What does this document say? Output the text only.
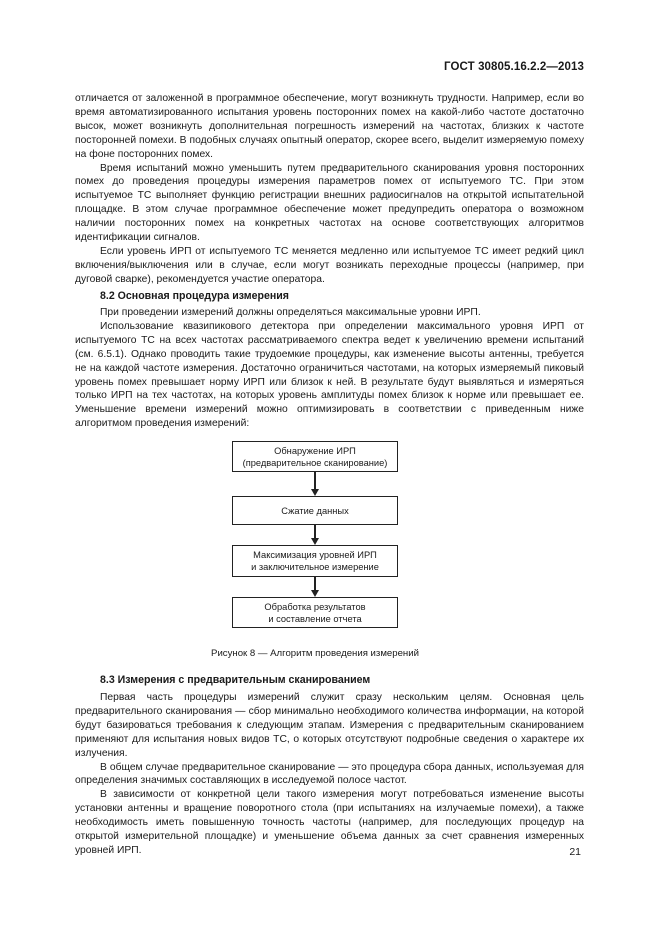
ГОСТ 30805.16.2.2—2013

отличается от заложенной в программное обеспечение, могут возникнуть трудности. Например, если во время автоматизированного испытания уровень посторонних помех на какой-либо частоте достаточно высок, может возникнуть дополнительная погрешность измерений на частотах, близких к частоте посторонней помехи. В подобных случаях опытный оператор, скорее всего, выделит измеряемую помеху на фоне посторонних помех.

Время испытаний можно уменьшить путем предварительного сканирования уровня посторонних помех до проведения процедуры измерения параметров помех от испытуемого ТС. При этом испытуемое ТС выполняет функцию регистрации внешних радиосигналов на открытой испытательной площадке. В этом случае программное обеспечение может предупредить оператора о возможном наличии посторонних помех на конкретных частотах на основе соответствующих алгоритмов идентификации сигналов.

Если уровень ИРП от испытуемого ТС меняется медленно или испытуемое ТС имеет редкий цикл включения/выключения или в случае, если могут возникать переходные процессы (например, при дуговой сварке), рекомендуется участие оператора.

8.2 Основная процедура измерения

При проведении измерений должны определяться максимальные уровни ИРП.

Использование квазипикового детектора при определении максимального уровня ИРП от испытуемого ТС на всех частотах рассматриваемого спектра ведет к увеличению времени испытаний (см. 6.5.1). Однако проводить такие трудоемкие процедуры, как изменение высоты антенны, требуется не на каждой частоте измерения. Достаточно ограничиться частотами, на которых измеряемый пиковый уровень помех превышает норму ИРП или близок к ней. В результате будут выявляться и измеряться только ИРП на тех частотах, на которых уровень амплитуды помех близок к норме или превышает ее. Уменьшение времени измерений можно оптимизировать в соответствии с приведенным ниже алгоритмом проведения измерений:

Обнаружение ИРП
(предварительное сканирование)
Сжатие данных
Максимизация уровней ИРП
и заключительное измерение
Обработка результатов
и составление отчета
Рисунок 8 — Алгоритм проведения измерений
8.3 Измерения с предварительным сканированием

Первая часть процедуры измерений служит сразу нескольким целям. Основная цель предварительного сканирования — сбор минимально необходимого количества информации, на которой будут базироваться требования к следующим этапам. Измерения с предварительным сканированием применяют для испытания новых видов ТС, о которых отсутствуют подробные сведения о характере их излучения.

В общем случае предварительное сканирование — это процедура сбора данных, используемая для определения значимых составляющих в исследуемой полосе частот.

В зависимости от конкретной цели такого измерения могут потребоваться изменение высоты установки антенны и вращение поворотного стола (при испытаниях на излучаемые помехи), а также необходимость иметь повышенную точность частоты (например, для последующих процедур на открытой измерительной площадке) и уменьшение объема данных за счет сравнения измеренных уровней ИРП.	21
